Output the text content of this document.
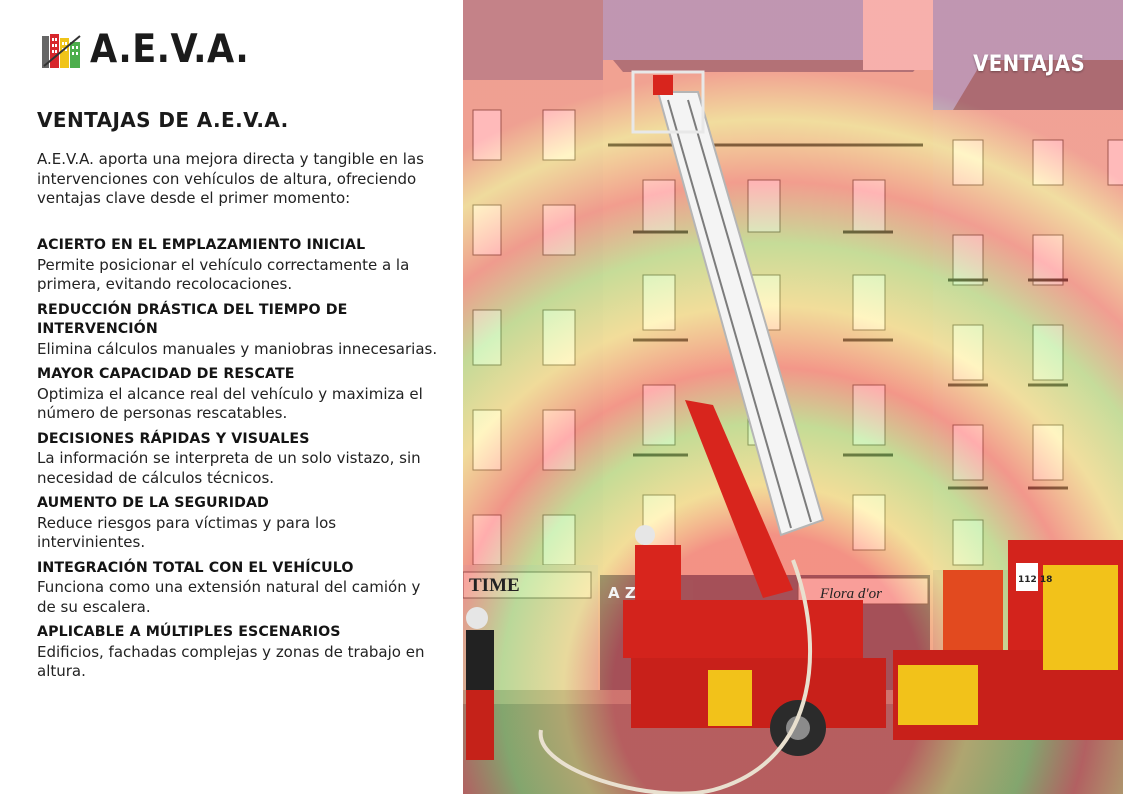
A.E.V.A.
VENTAJAS DE A.E.V.A.
A.E.V.A. aporta una mejora directa y tangible en las intervenciones con vehículos de altura, ofreciendo ventajas clave desde el primer momento:
ACIERTO EN EL EMPLAZAMIENTO INICIAL
Permite posicionar el vehículo correctamente a la primera, evitando recolocaciones.
REDUCCIÓN DRÁSTICA DEL TIEMPO DE INTERVENCIÓN
Elimina cálculos manuales y maniobras innecesarias.
MAYOR CAPACIDAD DE RESCATE
Optimiza el alcance real del vehículo y maximiza el número de personas rescatables.
DECISIONES RÁPIDAS Y VISUALES
La información se interpreta de un solo vistazo, sin necesidad de cálculos técnicos.
AUMENTO DE LA SEGURIDAD
Reduce riesgos para víctimas y para los intervinientes.
INTEGRACIÓN TOTAL CON EL VEHÍCULO
Funciona como una extensión natural del camión y de su escalera.
APLICABLE A MÚLTIPLES ESCENARIOS
Edificios, fachadas complejas y zonas de trabajo en altura.
TIME	A Z	Flora d'or
112 18
VENTAJAS
